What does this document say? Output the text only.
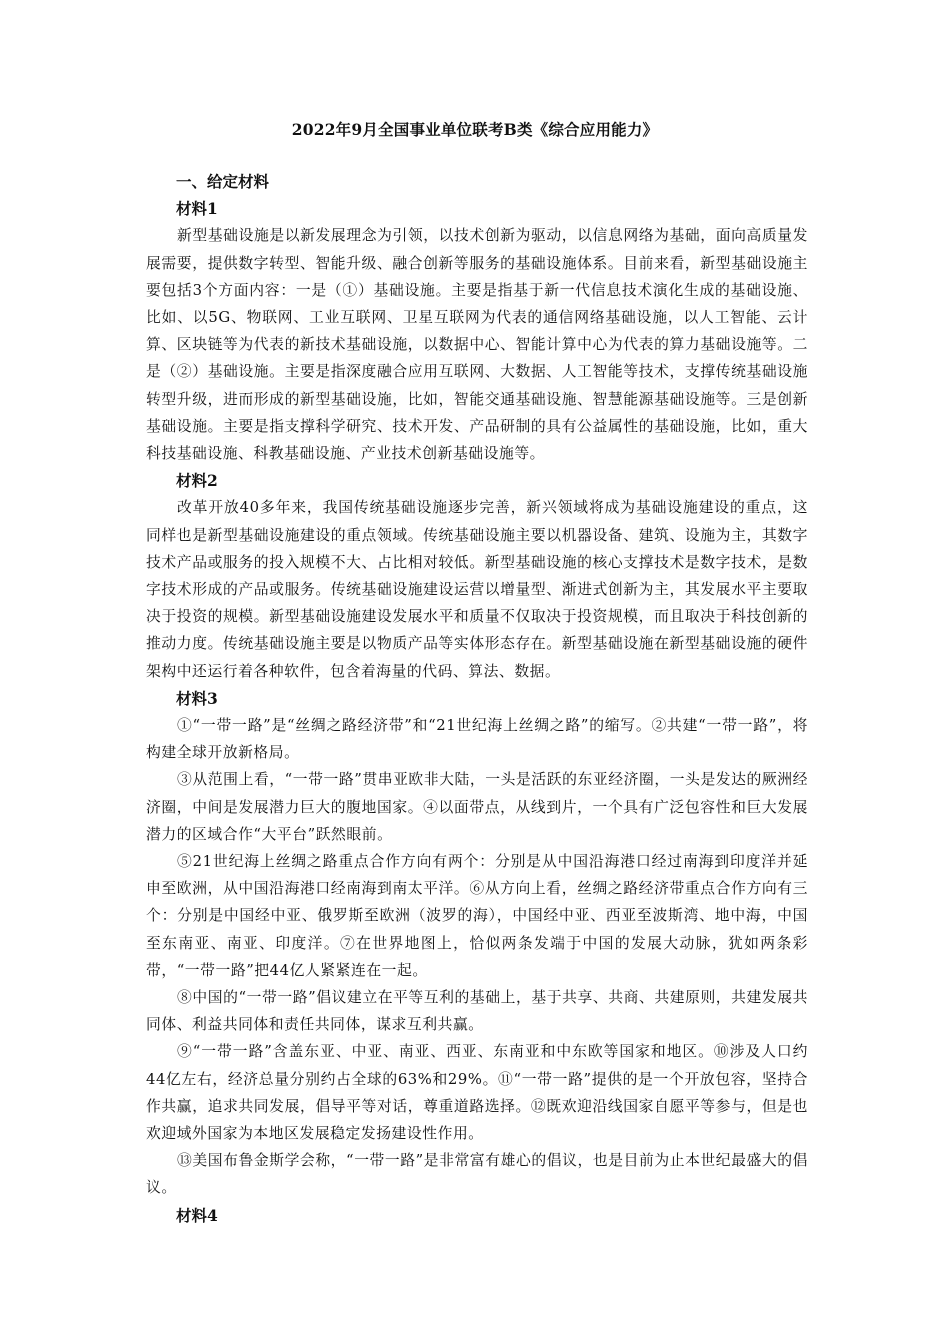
2022年9月全国事业单位联考B类《综合应用能力》
一、给定材料
材料1

新型基础设施是以新发展理念为引领，以技术创新为驱动，以信息网络为基础，面向高质量发展需要，提供数字转型、智能升级、融合创新等服务的基础设施体系。目前来看，新型基础设施主要包括3个方面内容：一是（①）基础设施。主要是指基于新一代信息技术演化生成的基础设施、比如、以5G、物联网、工业互联网、卫星互联网为代表的通信网络基础设施，以人工智能、云计算、区块链等为代表的新技术基础设施，以数据中心、智能计算中心为代表的算力基础设施等。二是（②）基础设施。主要是指深度融合应用互联网、大数据、人工智能等技术，支撑传统基础设施转型升级，进而形成的新型基础设施，比如，智能交通基础设施、智慧能源基础设施等。三是创新基础设施。主要是指支撑科学研究、技术开发、产品研制的具有公益属性的基础设施，比如，重大科技基础设施、科教基础设施、产业技术创新基础设施等。

材料2

改革开放40多年来，我国传统基础设施逐步完善，新兴领域将成为基础设施建设的重点，这同样也是新型基础设施建设的重点领域。传统基础设施主要以机器设备、建筑、设施为主，其数字技术产品或服务的投入规模不大、占比相对较低。新型基础设施的核心支撑技术是数字技术，是数字技术形成的产品或服务。传统基础设施建设运营以增量型、渐进式创新为主，其发展水平主要取决于投资的规模。新型基础设施建设发展水平和质量不仅取决于投资规模，而且取决于科技创新的推动力度。传统基础设施主要是以物质产品等实体形态存在。新型基础设施在新型基础设施的硬件架构中还运行着各种软件，包含着海量的代码、算法、数据。

材料3

①“一带一路”是“丝绸之路经济带”和“21世纪海上丝绸之路”的缩写。②共建“一带一路”，将构建全球开放新格局。

③从范围上看，“一带一路”贯串亚欧非大陆，一头是活跃的东亚经济圈，一头是发达的厥洲经济圈，中间是发展潜力巨大的腹地国家。④以面带点，从线到片，一个具有广泛包容性和巨大发展潜力的区域合作“大平台”跃然眼前。

⑤21世纪海上丝绸之路重点合作方向有两个：分别是从中国沿海港口经过南海到印度洋并延申至欧洲，从中国沿海港口经南海到南太平洋。⑥从方向上看，丝绸之路经济带重点合作方向有三个：分别是中国经中亚、俄罗斯至欧洲（波罗的海），中国经中亚、西亚至波斯湾、地中海，中国至东南亚、南亚、印度洋。⑦在世界地图上，恰似两条发端于中国的发展大动脉，犹如两条彩带，“一带一路”把44亿人紧紧连在一起。

⑧中国的“一带一路”倡议建立在平等互利的基础上，基于共享、共商、共建原则，共建发展共同体、利益共同体和责任共同体，谋求互利共赢。

⑨“一带一路”含盖东亚、中亚、南亚、西亚、东南亚和中东欧等国家和地区。⑩涉及人口约44亿左右，经济总量分别约占全球的63%和29%。⑪“一带一路”提供的是一个开放包容，坚持合作共赢，追求共同发展，倡导平等对话，尊重道路选择。⑫既欢迎沿线国家自愿平等参与，但是也欢迎域外国家为本地区发展稳定发扬建设性作用。

⑬美国布鲁金斯学会称，“一带一路”是非常富有雄心的倡议，也是目前为止本世纪最盛大的倡议。

材料4
